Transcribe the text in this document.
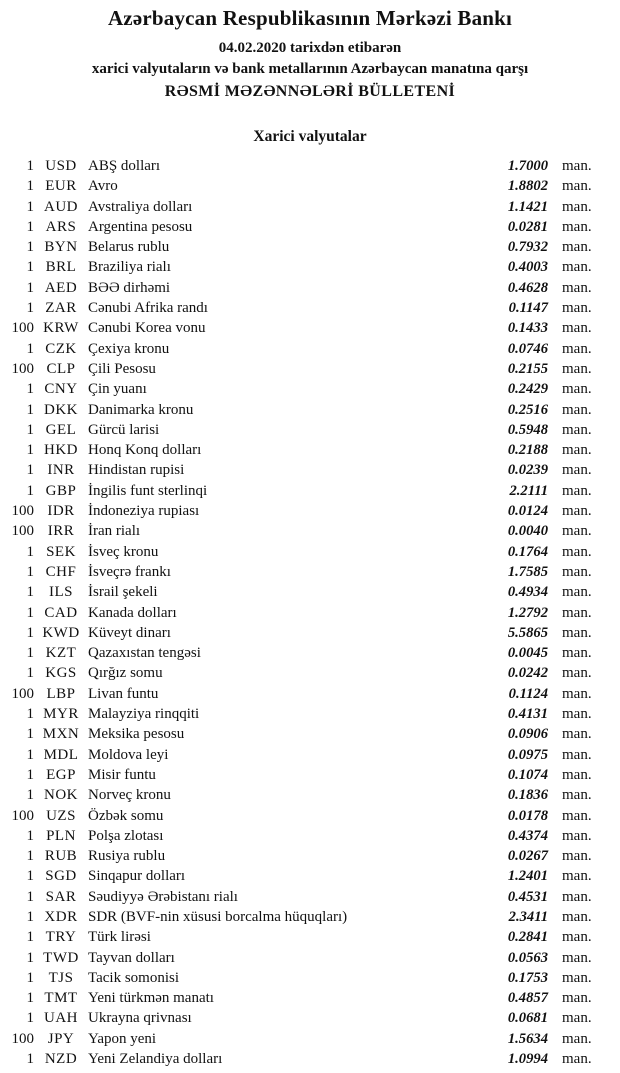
Azərbaycan Respublikasının Mərkəzi Bankı
04.02.2020 tarixdən etibarən
xarici valyutaların və bank metallarının Azərbaycan manatına qarşı
RƏSMİ MƏZƏNNƏLƏRİ BÜLLETENİ
Xarici valyutalar
1 USD ABŞ dolları	1.7000 man.
1 EUR Avro	1.8802 man.
1 AUD Avstraliya dolları	1.1421 man.
1 ARS Argentina pesosu	0.0281 man.
1 BYN Belarus rublu	0.7932 man.
1 BRL Braziliya rialı	0.4003 man.
1 AED BƏƏ dirhəmi	0.4628 man.
1 ZAR Cənubi Afrika randı	0.1147 man.
100 KRW Cənubi Korea vonu	0.1433 man.
1 CZK Çexiya kronu	0.0746 man.
100 CLP Çili Pesosu	0.2155 man.
1 CNY Çin yuanı	0.2429 man.
1 DKK Danimarka kronu	0.2516 man.
1 GEL Gürcü larisi	0.5948 man.
1 HKD Honq Konq dolları	0.2188 man.
1 INR Hindistan rupisi	0.0239 man.
1 GBP İngilis funt sterlinqi	2.2111 man.
100 IDR İndoneziya rupiası	0.0124 man.
100 IRR İran rialı	0.0040 man.
1 SEK İsveç kronu	0.1764 man.
1 CHF İsveçrə frankı	1.7585 man.
1	ILS	İsrail şekeli	0.4934 man.
1 CAD Kanada dolları	1.2792 man.
1 KWD Küveyt dinarı	5.5865 man.
1 KZT Qazaxıstan tengəsi	0.0045 man.
1 KGS Qırğız somu	0.0242 man.
100 LBP Livan funtu	0.1124 man.
1 MYR Malayziya rinqqiti	0.4131 man.
1 MXN Meksika pesosu	0.0906 man.
1 MDL Moldova leyi	0.0975 man.
1 EGP Misir funtu	0.1074 man.
1 NOK Norveç kronu	0.1836 man.
100 UZS Özbək somu	0.0178 man.
1 PLN Polşa zlotası	0.4374 man.
1 RUB Rusiya rublu	0.0267 man.
1 SGD Sinqapur dolları	1.2401 man.
1 SAR Səudiyyə Ərəbistanı rialı	0.4531 man.
1 XDR SDR (BVF-nin xüsusi borcalma hüquqları)	2.3411 man.
1 TRY Türk lirəsi	0.2841 man.
1 TWD Tayvan dolları	0.0563 man.
1 TJS Tacik somonisi	0.1753 man.
1 TMT Yeni türkmən manatı	0.4857 man.
1 UAH Ukrayna qrivnası	0.0681 man.
100 JPY Yapon yeni	1.5634 man.
1 NZD Yeni Zelandiya dolları	1.0994 man.
